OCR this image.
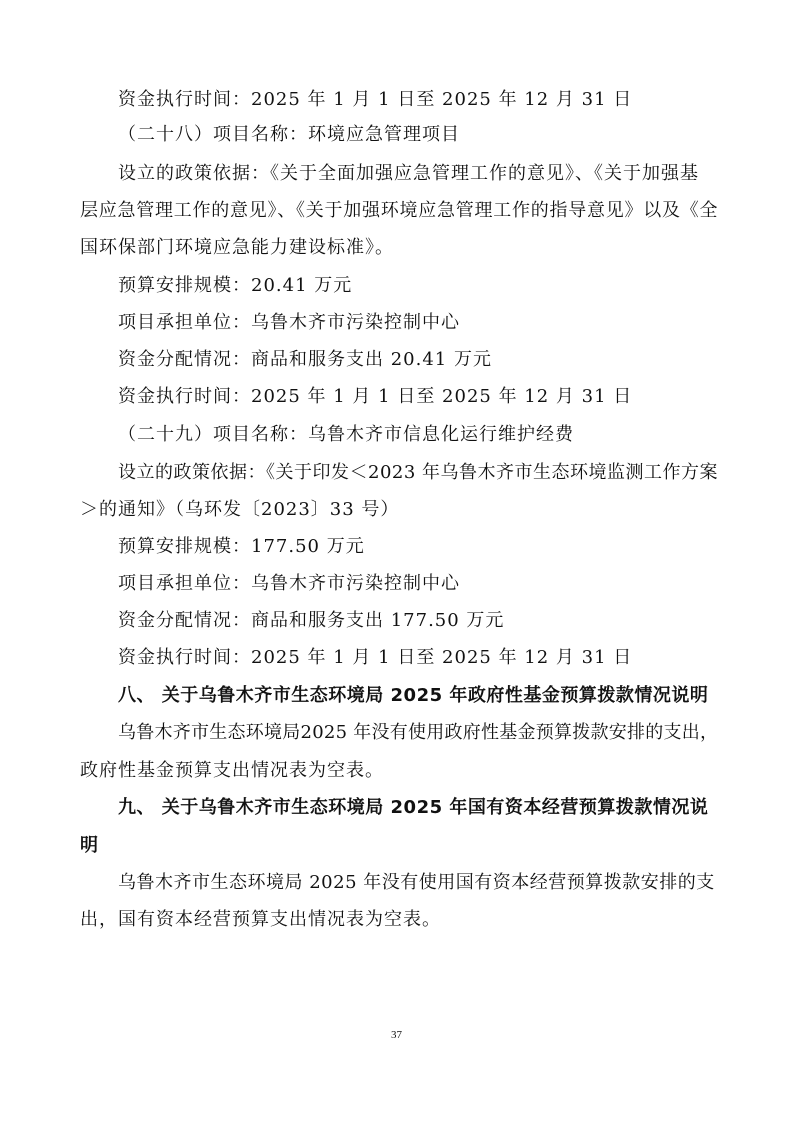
资金执行时间：2025 年 1 月 1 日至 2025 年 12 月 31 日
（二十八）项目名称：环境应急管理项目
设立的政策依据：《关于全面加强应急管理工作的意见》、《关于加强基
层应急管理工作的意见》、《关于加强环境应急管理工作的指导意见》以及《全
国环保部门环境应急能力建设标准》。
预算安排规模：20.41 万元
项目承担单位：乌鲁木齐市污染控制中心
资金分配情况：商品和服务支出 20.41 万元
资金执行时间：2025 年 1 月 1 日至 2025 年 12 月 31 日
（二十九）项目名称：乌鲁木齐市信息化运行维护经费
设立的政策依据：《关于印发＜2023 年乌鲁木齐市生态环境监测工作方案
＞的通知》（乌环发〔2023〕33 号）
预算安排规模：177.50 万元
项目承担单位：乌鲁木齐市污染控制中心
资金分配情况：商品和服务支出 177.50 万元
资金执行时间：2025 年 1 月 1 日至 2025 年 12 月 31 日
八、 关于乌鲁木齐市生态环境局 2025 年政府性基金预算拨款情况说明
乌鲁木齐市生态环境局2025 年没有使用政府性基金预算拨款安排的支出，
政府性基金预算支出情况表为空表。
九、 关于乌鲁木齐市生态环境局 2025 年国有资本经营预算拨款情况说
明
乌鲁木齐市生态环境局 2025 年没有使用国有资本经营预算拨款安排的支
出，国有资本经营预算支出情况表为空表。
37
